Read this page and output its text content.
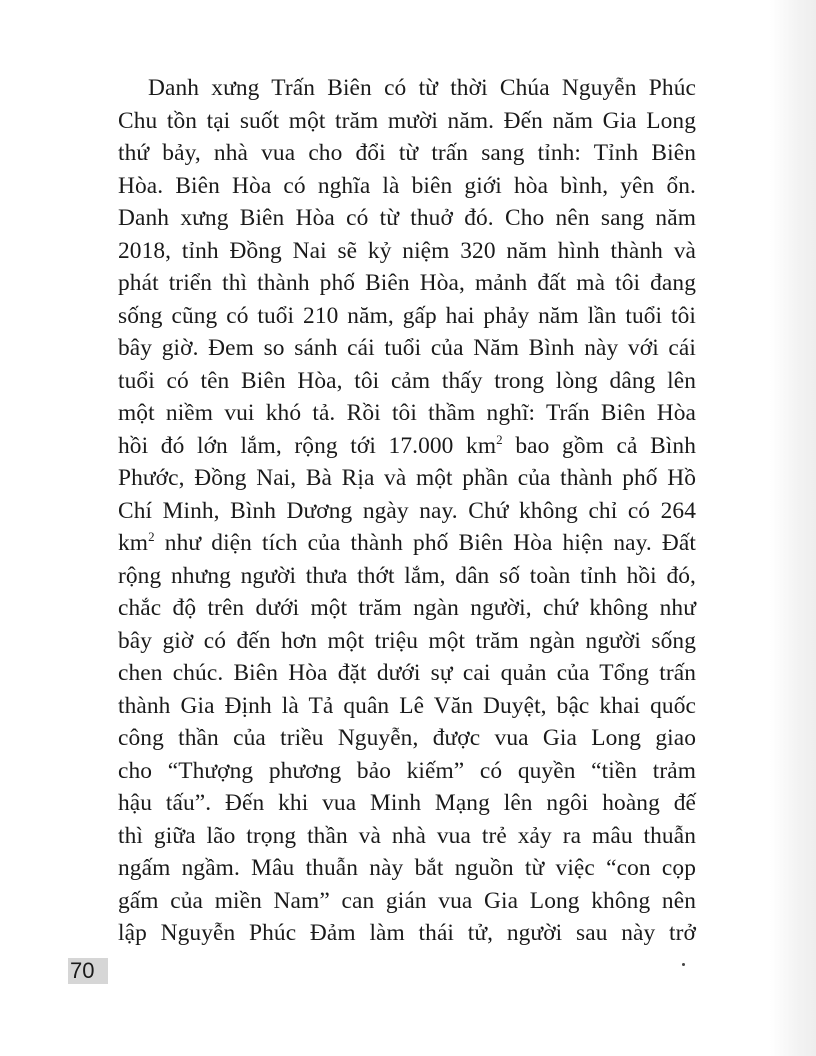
Danh xưng Trấn Biên có từ thời Chúa Nguyễn Phúc
Chu tồn tại suốt một trăm mười năm. Đến năm Gia Long
thứ bảy, nhà vua cho đổi từ trấn sang tỉnh: Tỉnh Biên
Hòa. Biên Hòa có nghĩa là biên giới hòa bình, yên ổn.
Danh xưng Biên Hòa có từ thuở đó. Cho nên sang năm
2018, tỉnh Đồng Nai sẽ kỷ niệm 320 năm hình thành và
phát triển thì thành phố Biên Hòa, mảnh đất mà tôi đang
sống cũng có tuổi 210 năm, gấp hai phảy năm lần tuổi tôi
bây giờ. Đem so sánh cái tuổi của Năm Bình này với cái
tuổi có tên Biên Hòa, tôi cảm thấy trong lòng dâng lên
một niềm vui khó tả. Rồi tôi thầm nghĩ: Trấn Biên Hòa
hồi đó lớn lắm, rộng tới 17.000 $km^2$ bao gồm cả Bình
Phước, Đồng Nai, Bà Rịa và một phần của thành phố Hồ
Chí Minh, Bình Dương ngày nay. Chứ không chỉ có 264
$km^2$ như diện tích của thành phố Biên Hòa hiện nay. Đất
rộng nhưng người thưa thớt lắm, dân số toàn tỉnh hồi đó,
chắc độ trên dưới một trăm ngàn người, chứ không như
bây giờ có đến hơn một triệu một trăm ngàn người sống
chen chúc. Biên Hòa đặt dưới sự cai quản của Tổng trấn
thành Gia Định là Tả quân Lê Văn Duyệt, bậc khai quốc
công thần của triều Nguyễn, được vua Gia Long giao
cho “Thượng phương bảo kiếm” có quyền “tiền trảm
hậu tấu”. Đến khi vua Minh Mạng lên ngôi hoàng đế
thì giữa lão trọng thần và nhà vua trẻ xảy ra mâu thuẫn
ngấm ngầm. Mâu thuẫn này bắt nguồn từ việc “con cọp
gấm của miền Nam” can gián vua Gia Long không nên
lập Nguyễn Phúc Đảm làm thái tử, người sau này trở
70
